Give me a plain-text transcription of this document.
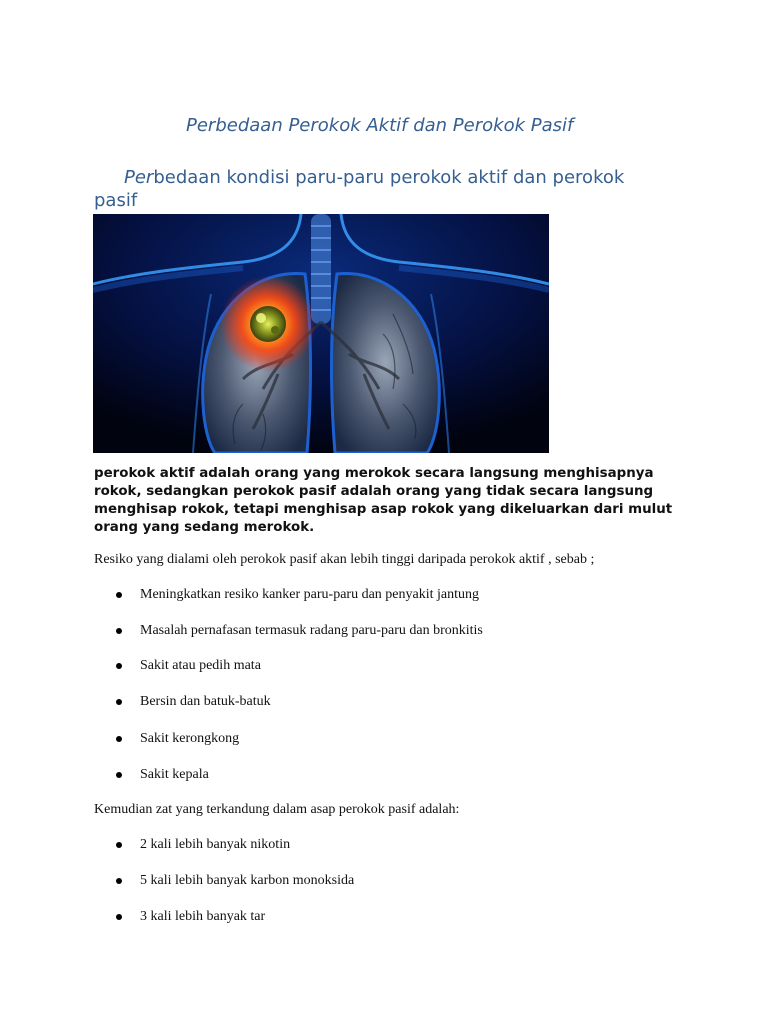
Perbedaan Perokok Aktif dan Perokok Pasif
Perbedaan kondisi paru-paru perokok aktif dan perokok pasif

perokok aktif adalah orang yang merokok secara langsung menghisapnya rokok, sedangkan perokok pasif adalah orang yang tidak secara langsung menghisap rokok, tetapi menghisap asap rokok yang dikeluarkan dari mulut orang yang sedang merokok.

Resiko yang dialami oleh perokok pasif akan lebih tinggi daripada perokok aktif , sebab ;

Meningkatkan resiko kanker paru-paru dan penyakit jantung
Masalah pernafasan termasuk radang paru-paru dan bronkitis
Sakit atau pedih mata
Bersin dan batuk-batuk
Sakit kerongkong
Sakit kepala

Kemudian zat yang terkandung dalam asap perokok pasif adalah:

2 kali lebih banyak nikotin
5 kali lebih banyak karbon monoksida
3 kali lebih banyak tar
